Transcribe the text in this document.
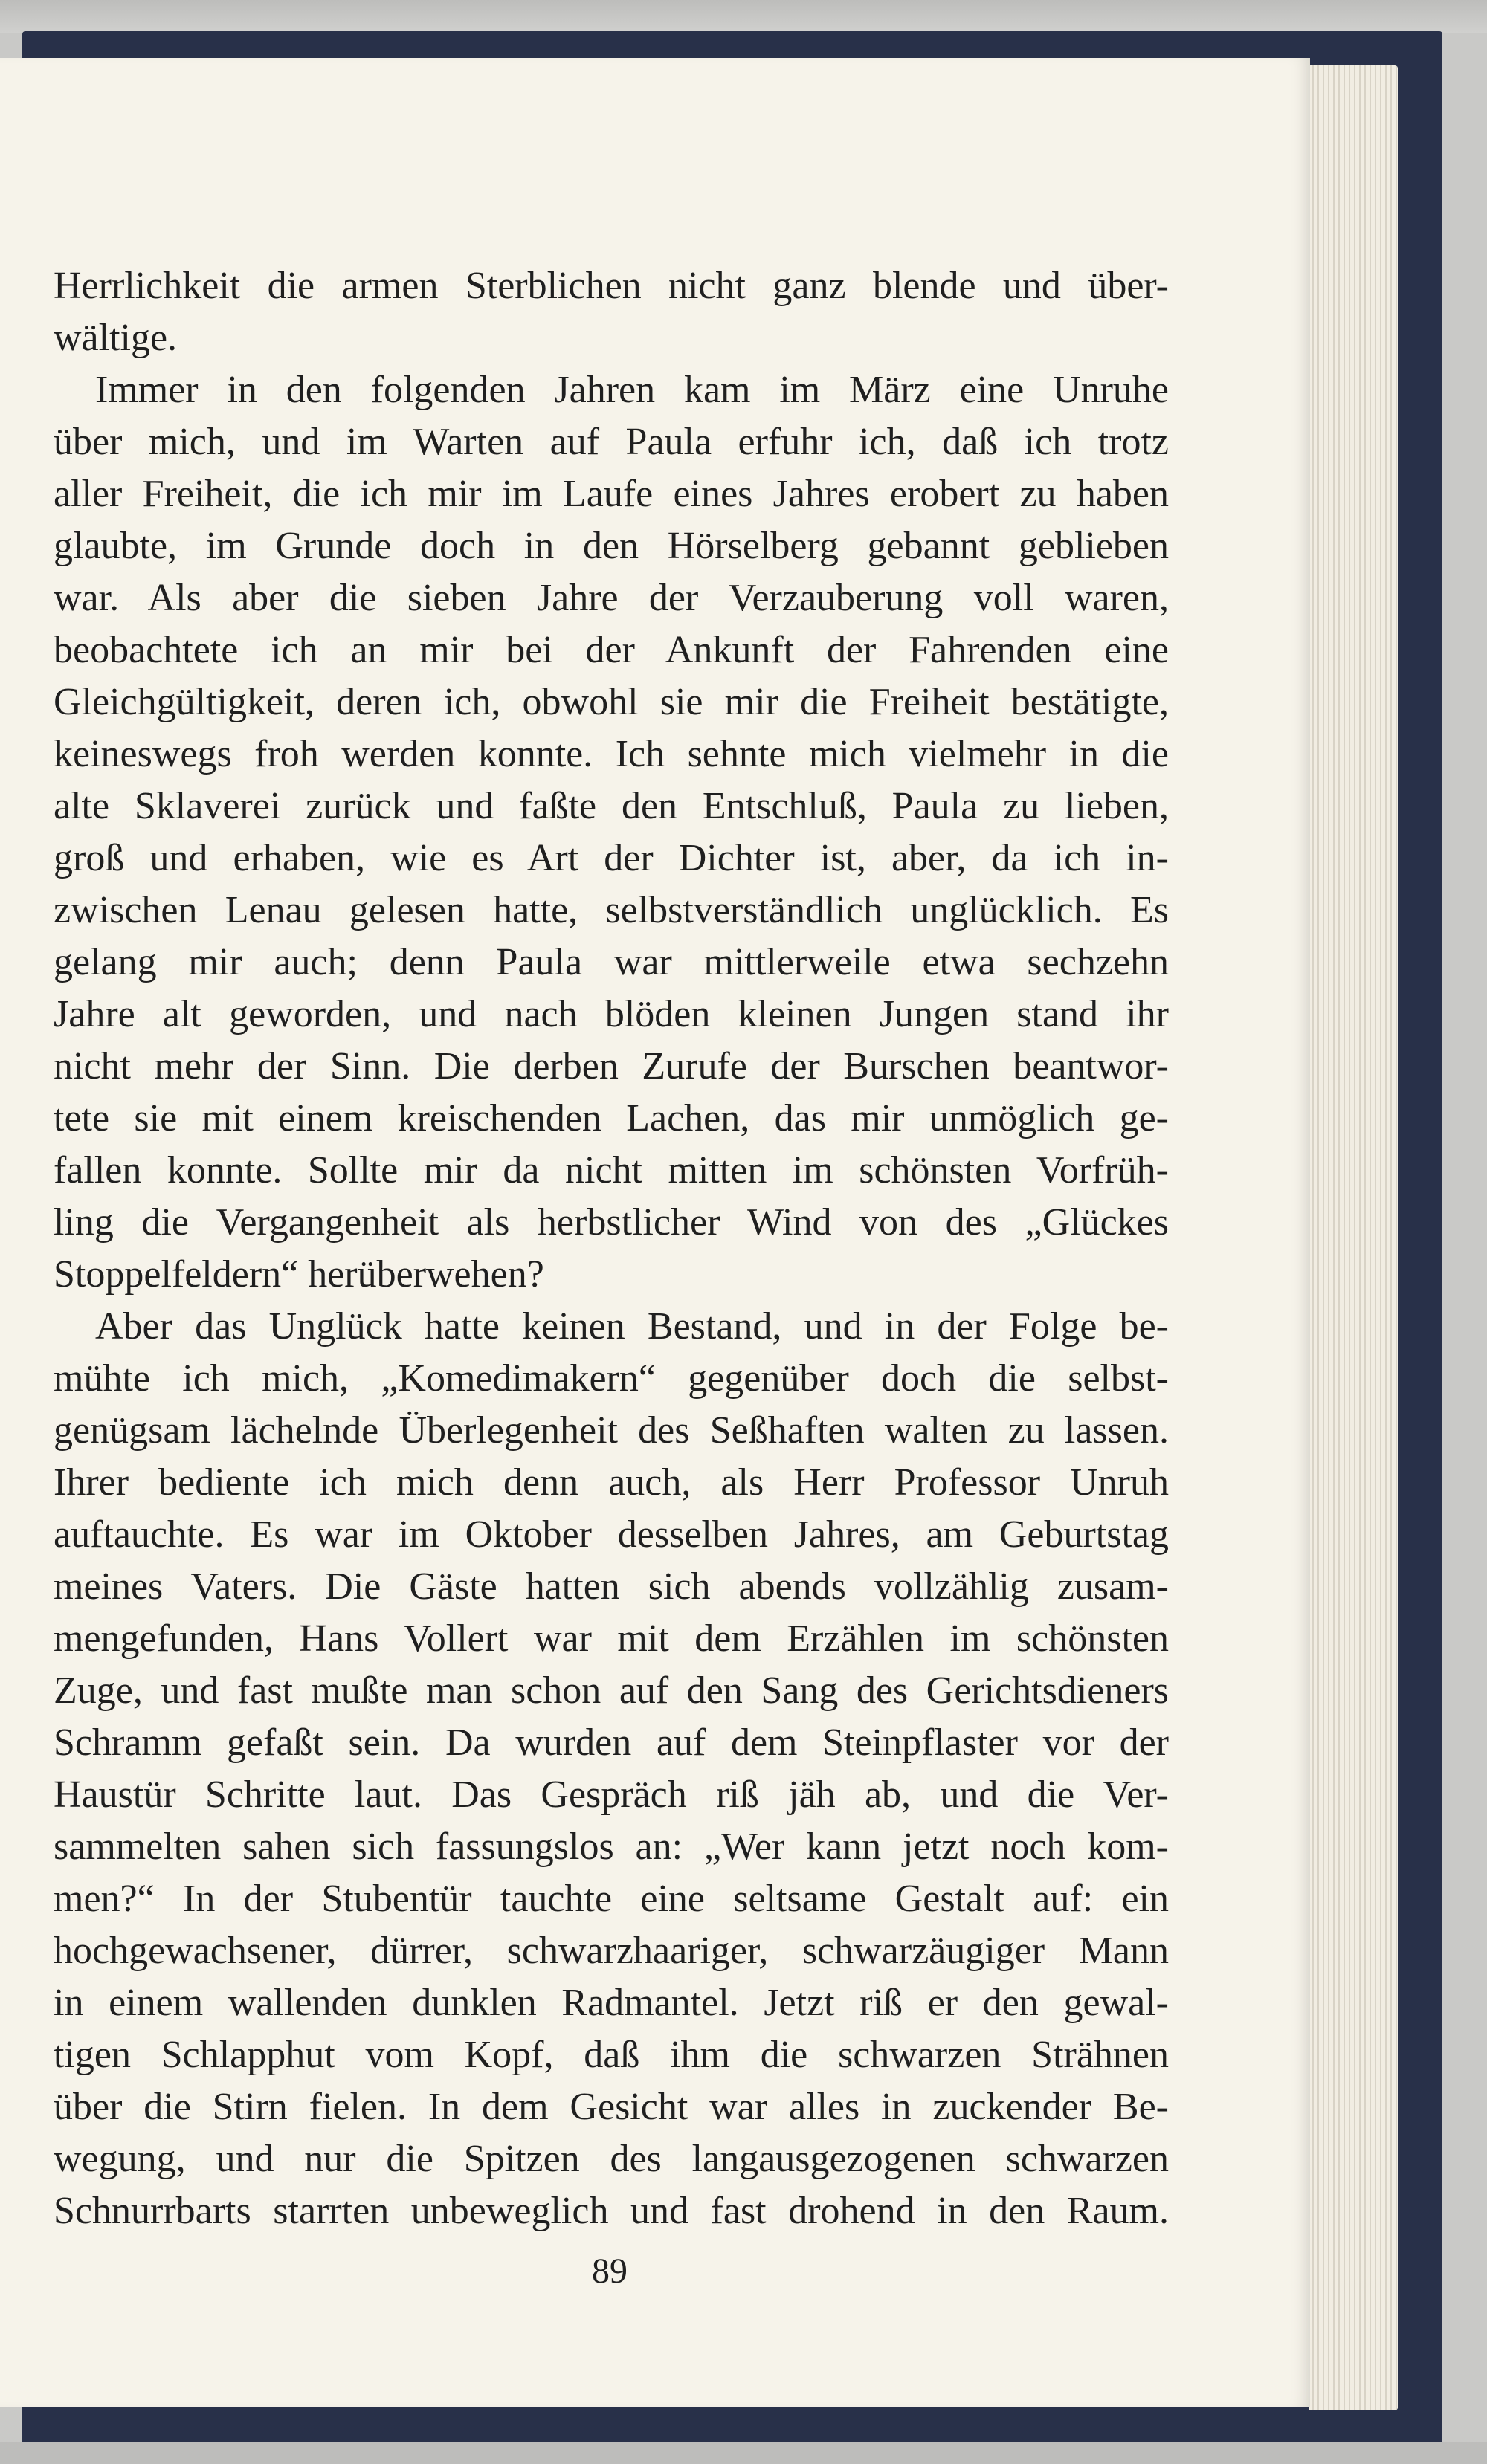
Herrlichkeit die armen Sterblichen nicht ganz blende und über-
wältige.
Immer in den folgenden Jahren kam im März eine Unruhe
über mich, und im Warten auf Paula erfuhr ich, daß ich trotz
aller Freiheit, die ich mir im Laufe eines Jahres erobert zu haben
glaubte, im Grunde doch in den Hörselberg gebannt geblieben
war. Als aber die sieben Jahre der Verzauberung voll waren,
beobachtete ich an mir bei der Ankunft der Fahrenden eine
Gleichgültigkeit, deren ich, obwohl sie mir die Freiheit bestätigte,
keineswegs froh werden konnte. Ich sehnte mich vielmehr in die
alte Sklaverei zurück und faßte den Entschluß, Paula zu lieben,
groß und erhaben, wie es Art der Dichter ist, aber, da ich in-
zwischen Lenau gelesen hatte, selbstverständlich unglücklich. Es
gelang mir auch; denn Paula war mittlerweile etwa sechzehn
Jahre alt geworden, und nach blöden kleinen Jungen stand ihr
nicht mehr der Sinn. Die derben Zurufe der Burschen beantwor-
tete sie mit einem kreischenden Lachen, das mir unmöglich ge-
fallen konnte. Sollte mir da nicht mitten im schönsten Vorfrüh-
ling die Vergangenheit als herbstlicher Wind von des „Glückes
Stoppelfeldern“ herüberwehen?
Aber das Unglück hatte keinen Bestand, und in der Folge be-
mühte ich mich, „Komedimakern“ gegenüber doch die selbst-
genügsam lächelnde Überlegenheit des Seßhaften walten zu lassen.
Ihrer bediente ich mich denn auch, als Herr Professor Unruh
auftauchte. Es war im Oktober desselben Jahres, am Geburtstag
meines Vaters. Die Gäste hatten sich abends vollzählig zusam-
mengefunden, Hans Vollert war mit dem Erzählen im schönsten
Zuge, und fast mußte man schon auf den Sang des Gerichtsdieners
Schramm gefaßt sein. Da wurden auf dem Steinpflaster vor der
Haustür Schritte laut. Das Gespräch riß jäh ab, und die Ver-
sammelten sahen sich fassungslos an: „Wer kann jetzt noch kom-
men?“ In der Stubentür tauchte eine seltsame Gestalt auf: ein
hochgewachsener, dürrer, schwarzhaariger, schwarzäugiger Mann
in einem wallenden dunklen Radmantel. Jetzt riß er den gewal-
tigen Schlapphut vom Kopf, daß ihm die schwarzen Strähnen
über die Stirn fielen. In dem Gesicht war alles in zuckender Be-
wegung, und nur die Spitzen des langausgezogenen schwarzen
Schnurrbarts starrten unbeweglich und fast drohend in den Raum.
89
